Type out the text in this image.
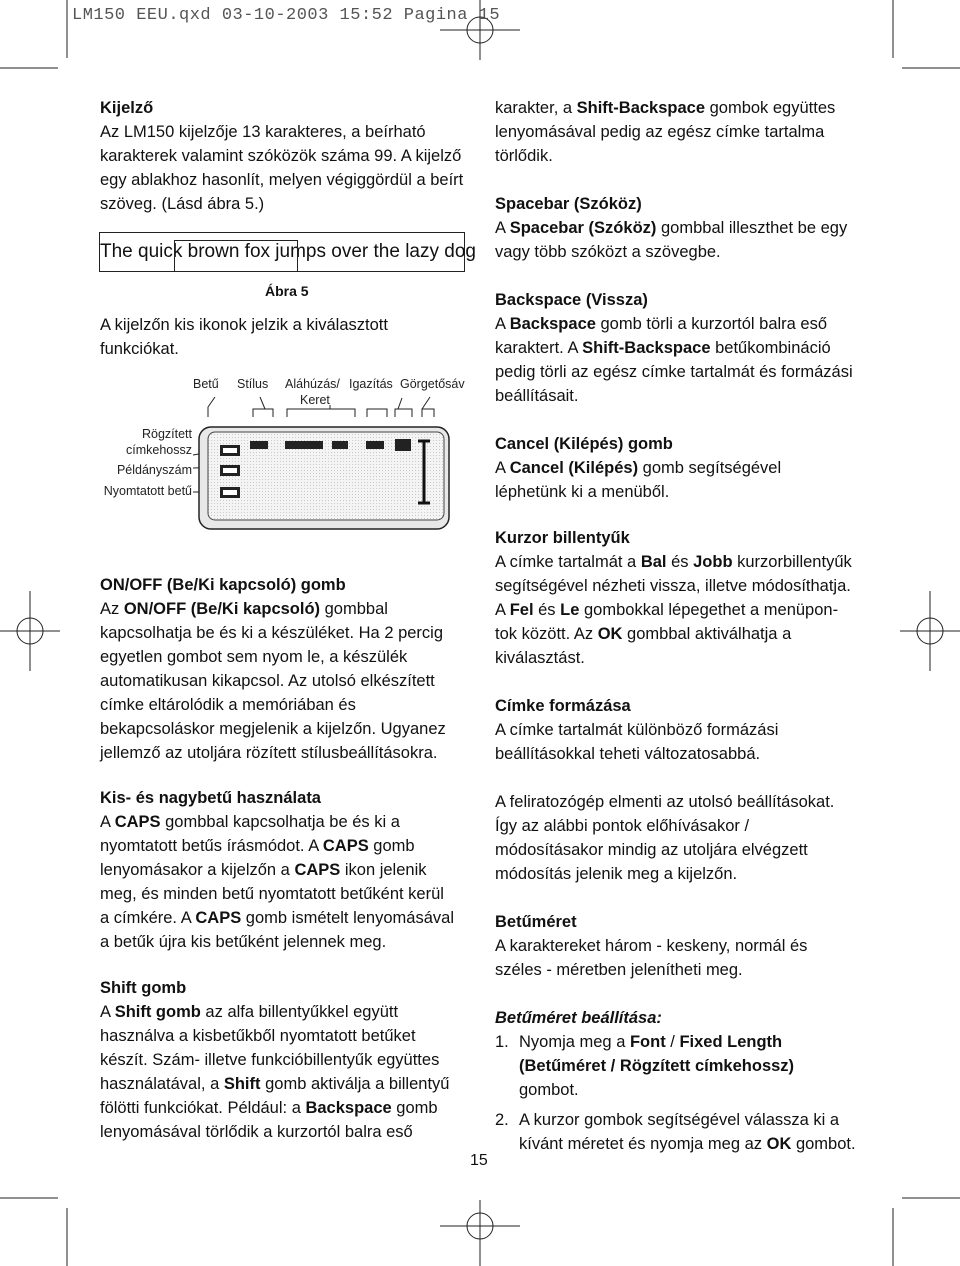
LM150 EEU.qxd 03-10-2003 15:52 Pagina 15

Kijelző

Az LM150 kijelzője 13 karakteres, a beírható

karakterek valamint szóközök száma 99. A kijelző

egy ablakhoz hasonlít, melyen végiggördül a beírt

szöveg. (Lásd ábra 5.)

The quick brown fox jumps over the lazy dog
Ábra 5

A kijelzőn kis ikonok jelzik a kiválasztott

funkciókat.

Betű Stílus Aláhúzás/
Keret
Igazítás Görgetősáv
Rögzített
címkehossz
Példányszám
Nyomtatott betű

ON/OFF (Be/Ki kapcsoló) gomb

Az ON/OFF (Be/Ki kapcsoló) gombbal

kapcsolhatja be és ki a készüléket. Ha 2 percig

egyetlen gombot sem nyom le, a készülék

automatikusan kikapcsol. Az utolsó elkészített

címke eltárolódik a memóriában és

bekapcsoláskor megjelenik a kijelzőn. Ugyanez

jellemző az utoljára rözített stílusbeállításokra.

Kis- és nagybetű használata

A CAPS gombbal kapcsolhatja be és ki a

nyomtatott betűs írásmódot. A CAPS gomb

lenyomásakor a kijelzőn a CAPS ikon jelenik

meg, és minden betű nyomtatott betűként kerül

a címkére. A CAPS gomb ismételt lenyomásával

a betűk újra kis betűként jelennek meg.

Shift gomb

A Shift gomb az alfa billentyűkkel együtt

használva a kisbetűkből nyomtatott betűket

készít. Szám- illetve funkcióbillentyűk együttes

használatával, a Shift gomb aktiválja a billentyű

fölötti funkciókat. Például: a Backspace gomb

lenyomásával törlődik a kurzortól balra eső

karakter, a Shift-Backspace gombok együttes

lenyomásával pedig az egész címke tartalma

törlődik.

Spacebar (Szóköz)

A Spacebar (Szóköz) gombbal illeszthet be egy

vagy több szóközt a szövegbe.

Backspace (Vissza)

A Backspace gomb törli a kurzortól balra eső

karaktert. A Shift-Backspace betűkombináció

pedig törli az egész címke tartalmát és formázási

beállításait.

Cancel (Kilépés) gomb

A Cancel (Kilépés) gomb segítségével

léphetünk ki a menüből.

Kurzor billentyűk

A címke tartalmát a Bal és Jobb kurzorbillentyűk

segítségével nézheti vissza, illetve módosíthatja.

A Fel és Le gombokkal lépegethet a menüpon-

tok között. Az OK gombbal aktiválhatja a

kiválasztást.

Címke formázása

A címke tartalmát különböző formázási

beállításokkal teheti változatosabbá.

A feliratozógép elmenti az utolsó beállításokat.

Így az alábbi pontok előhívásakor /

módosításakor mindig az utoljára elvégzett

módosítás jelenik meg a kijelzőn.

Betűméret

A karaktereket három - keskeny, normál és

széles - méretben jelenítheti meg.

Betűméret beállítása:

1. Nyomja meg a Font / Fixed Length
(Betűméret / Rögzített címkehossz)
gombot.
2. A kurzor gombok segítségével válassza ki a
kívánt méretet és nyomja meg az OK gombot.
15
